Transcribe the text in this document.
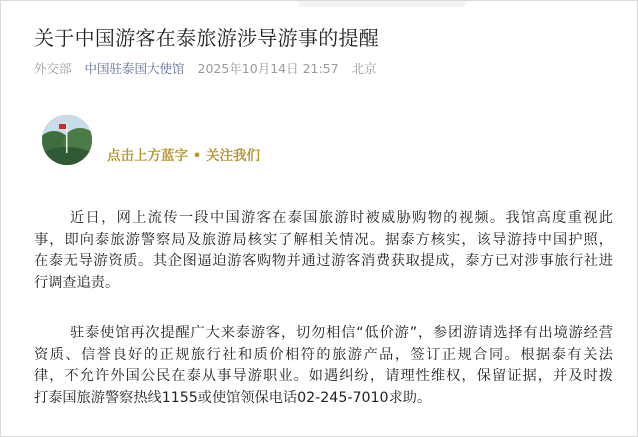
关于中国游客在泰旅游涉导游事的提醒
外交部 中国驻泰国大使馆 2025年10月14日 21:57 北京
点击上方蓝字 • 关注我们
近日，网上流传一段中国游客在泰国旅游时被威胁购物的视频。我馆高度重视此
事，即向泰旅游警察局及旅游局核实了解相关情况。据泰方核实，该导游持中国护照，
在泰无导游资质。其企图逼迫游客购物并通过游客消费获取提成，泰方已对涉事旅行社进
行调查追责。
驻泰使馆再次提醒广大来泰游客，切勿相信“低价游”，参团游请选择有出境游经营
资质、信誉良好的正规旅行社和质价相符的旅游产品，签订正规合同。根据泰有关法
律，不允许外国公民在泰从事导游职业。如遇纠纷，请理性维权，保留证据，并及时拨
打泰国旅游警察热线1155或使馆领保电话02-245-7010求助。
